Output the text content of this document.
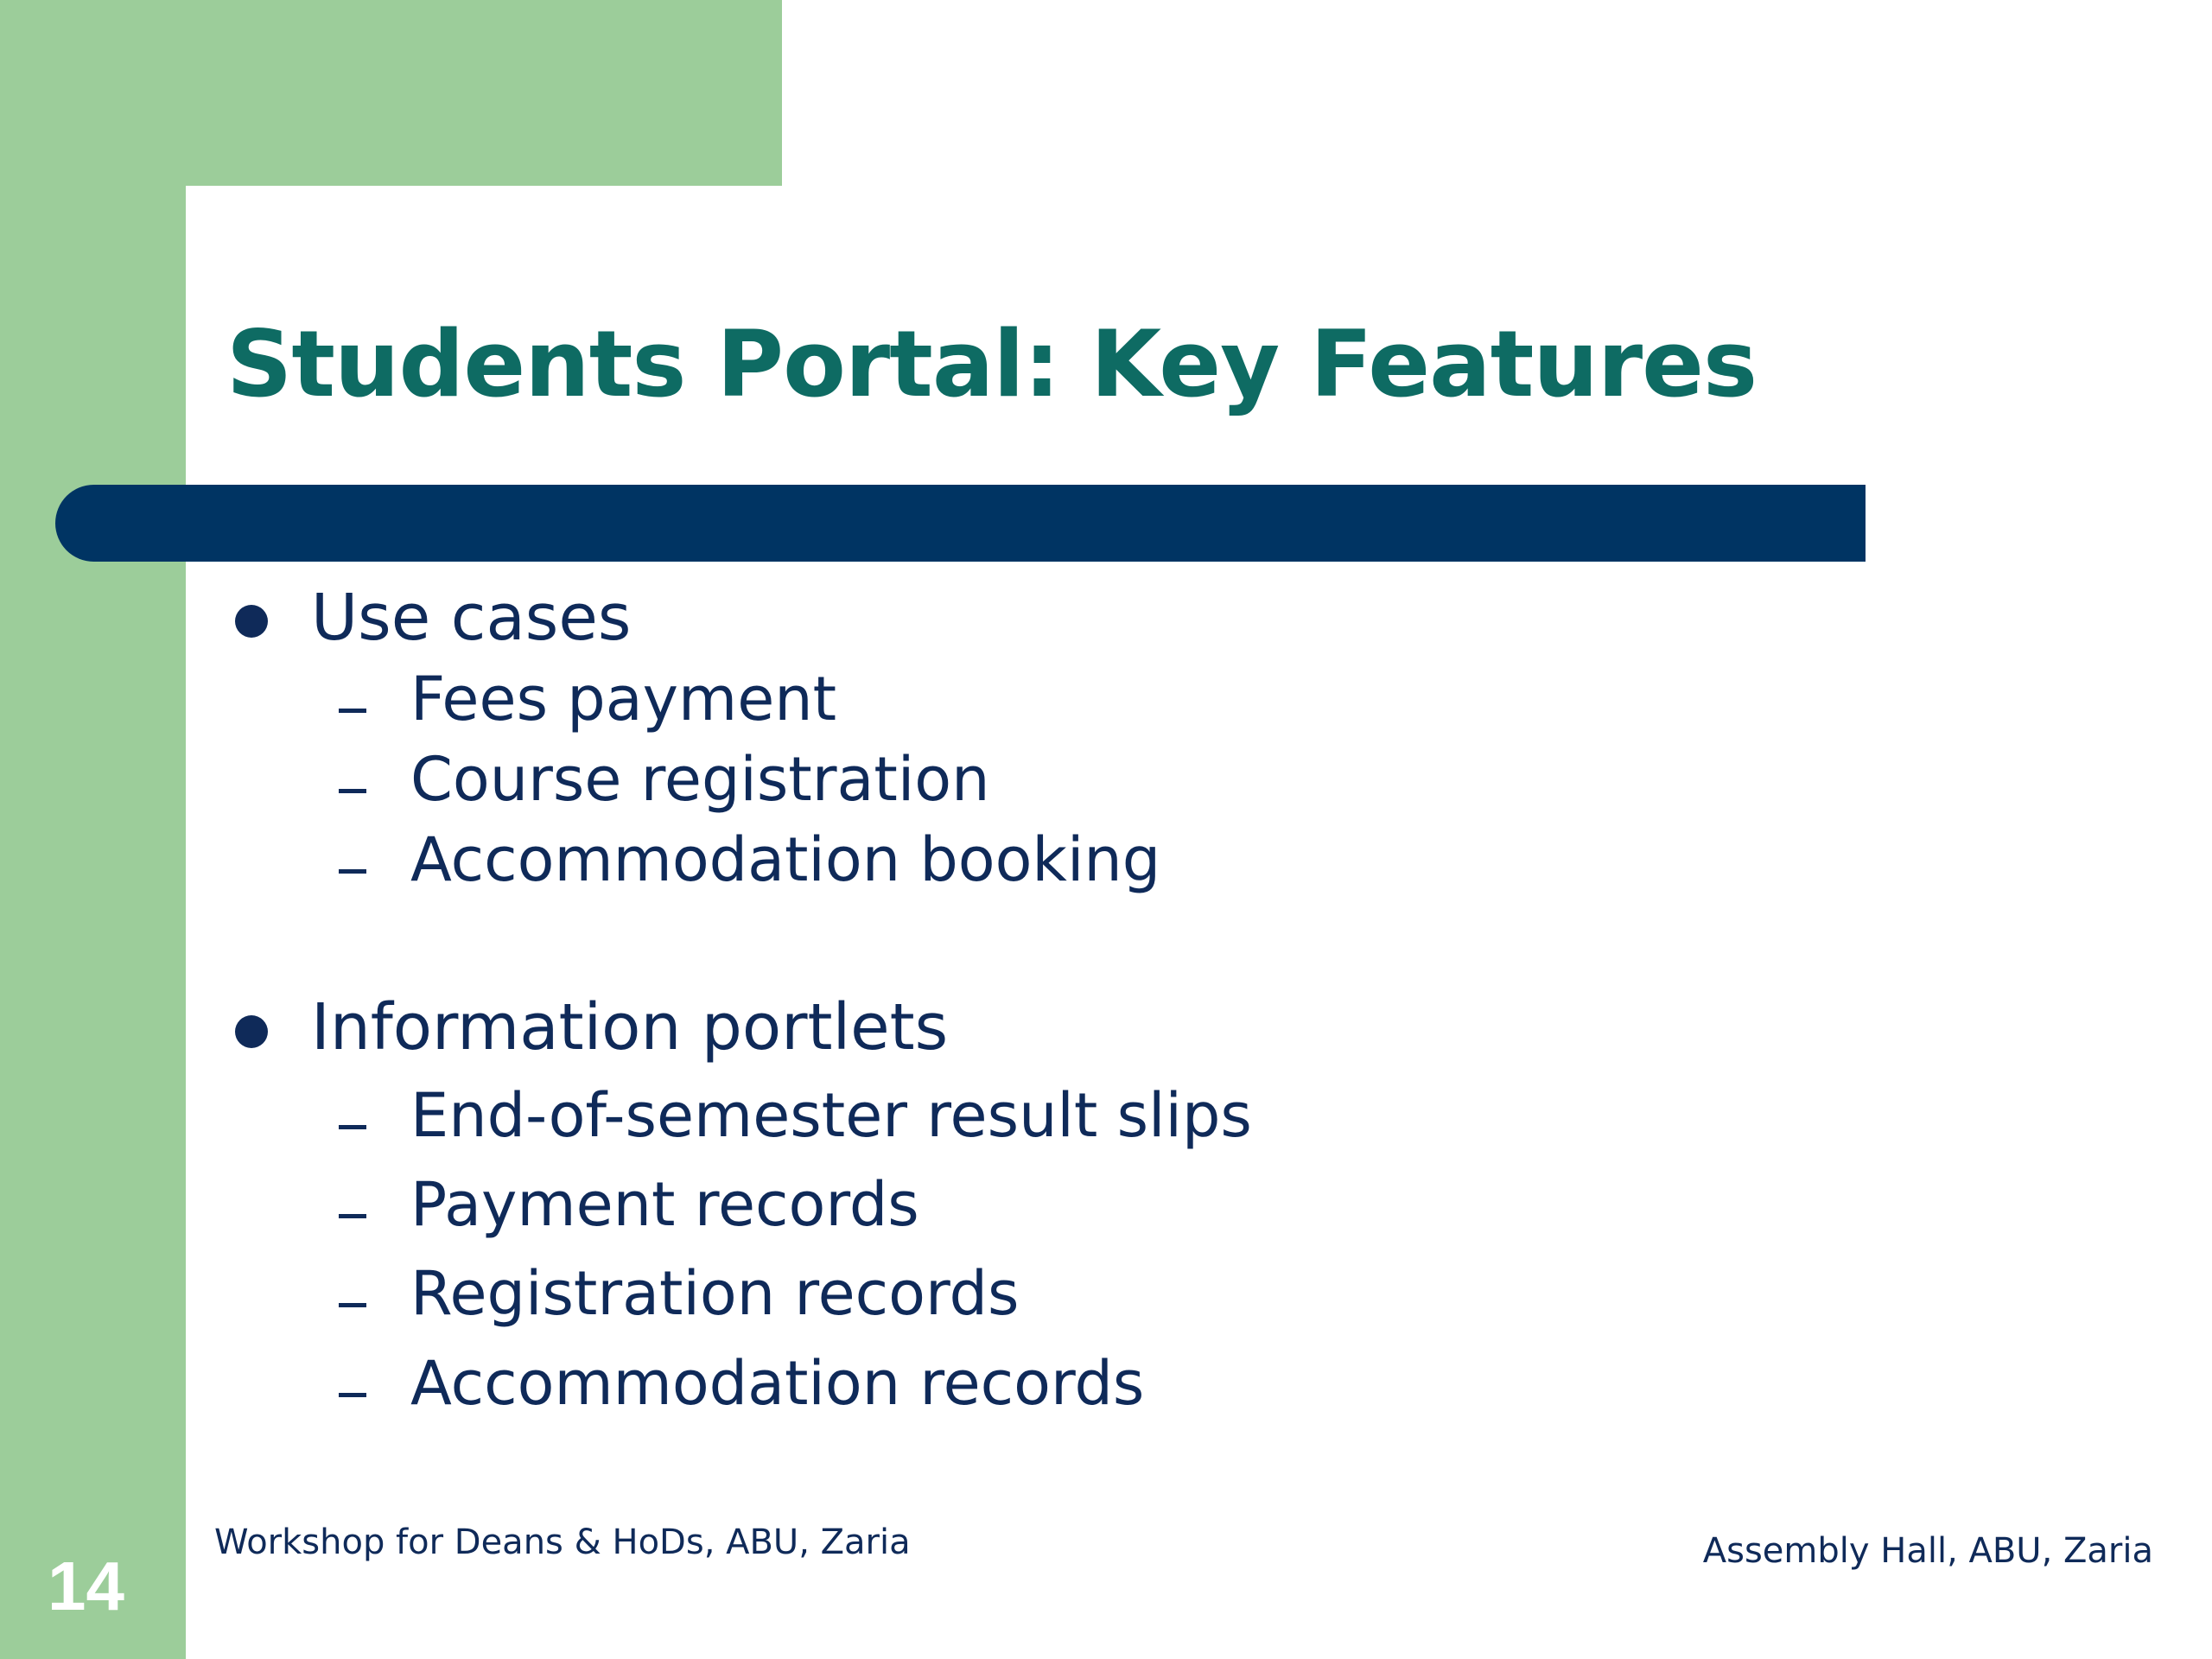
Students Portal: Key Features
Use cases
Fees payment
Course registration
Accommodation booking
Information portlets
End-of-semester result slips
Payment records
Registration records
Accommodation records
Workshop for Deans & HoDs, ABU, Zaria	Assembly Hall, ABU, Zaria
14
